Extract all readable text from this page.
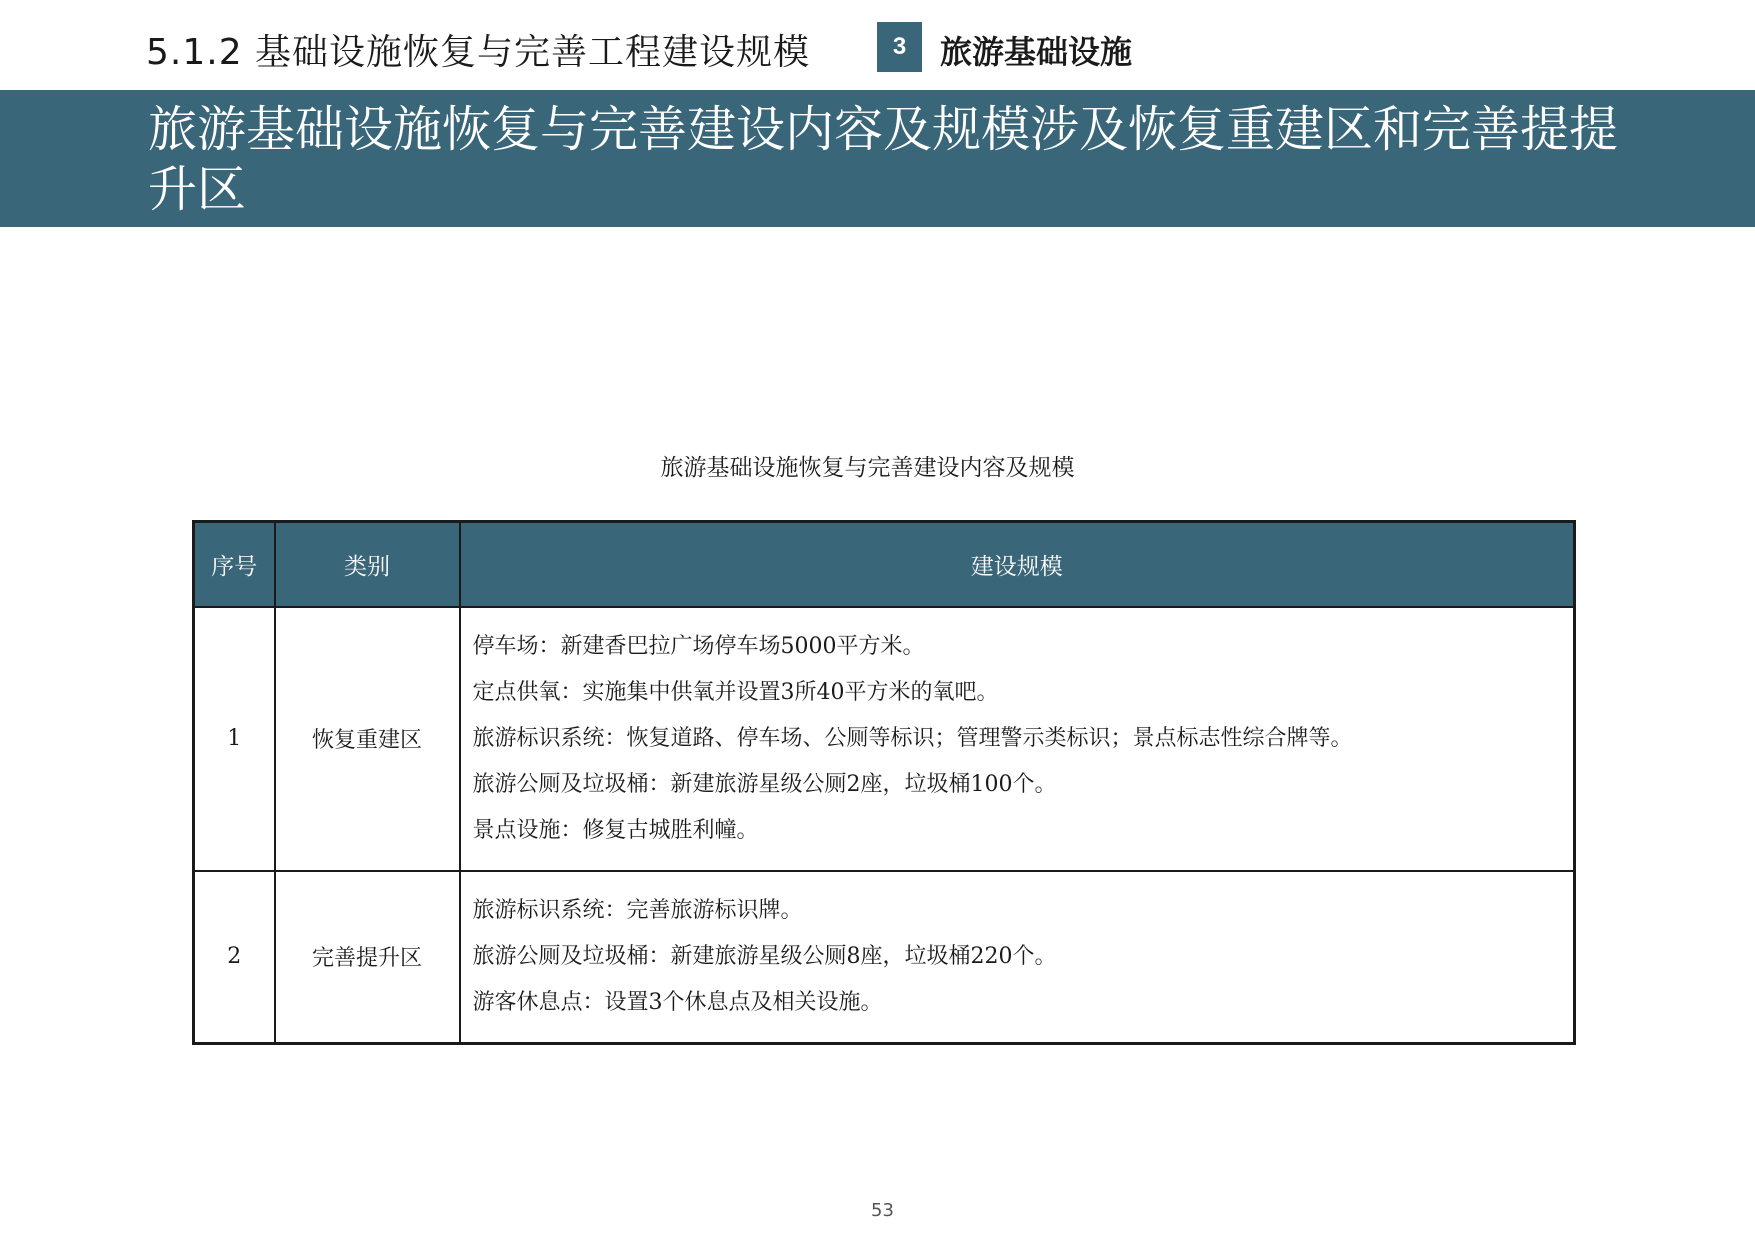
5.1.2 基础设施恢复与完善工程建设规模	3	旅游基础设施
旅游基础设施恢复与完善建设内容及规模涉及恢复重建区和完善提提升区
旅游基础设施恢复与完善建设内容及规模
序号	类别	建设规模
1	恢复重建区	停车场：新建香巴拉广场停车场5000平方米。
定点供氧：实施集中供氧并设置3所40平方米的氧吧。
旅游标识系统：恢复道路、停车场、公厕等标识；管理警示类标识；景点标志性综合牌等。
旅游公厕及垃圾桶：新建旅游星级公厕2座，垃圾桶100个。
景点设施：修复古城胜利幢。

2	完善提升区	旅游标识系统：完善旅游标识牌。
旅游公厕及垃圾桶：新建旅游星级公厕8座，垃圾桶220个。
游客休息点：设置3个休息点及相关设施。
53
